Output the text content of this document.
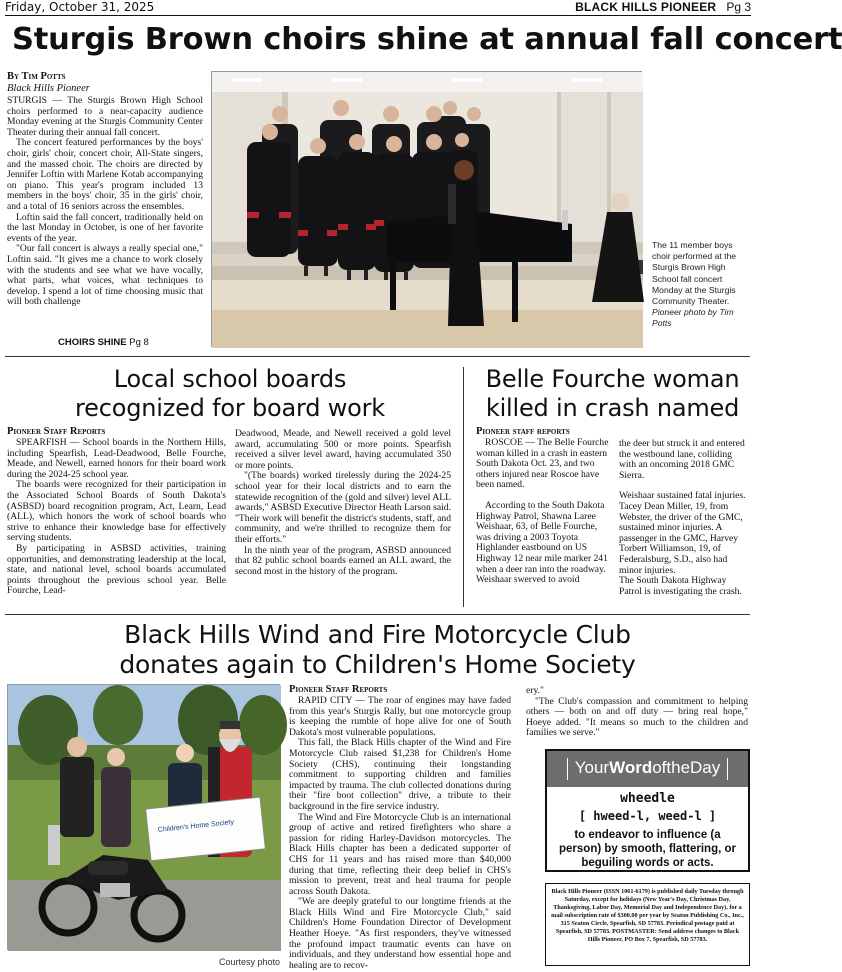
Friday, October 31, 2025	BLACK HILLS PIONEER Pg 3
Sturgis Brown choirs shine at annual fall concert
By Tim Potts
Black Hills Pioneer

STURGIS — The Sturgis Brown High School choirs performed to a near-capacity audience Monday evening at the Sturgis Community Center Theater during their annual fall concert.

The concert featured performances by the boys' choir, girls' choir, concert choir, All-State singers, and the massed choir. The choirs are directed by Jennifer Loftin with Marlene Kotab accompanying on piano. This year's program included 13 members in the boys' choir, 35 in the girls' choir, and a total of 16 seniors across the ensembles.

Loftin said the fall concert, traditionally held on the last Monday in October, is one of her favorite events of the year.

"Our fall concert is always a really special one," Loftin said. "It gives me a chance to work closely with the students and see what we have vocally, what parts, what voices, what techniques to develop. I spend a lot of time choosing music that will both challenge

CHOIRS SHINE Pg 8
The 11 member boys choir performed at the Sturgis Brown High School fall concert Monday at the Sturgis Community Theater. Pioneer photo by Tim Potts
Local school boards
recognized for board work
Pioneer Staff Reports

SPEARFISH — School boards in the Northern Hills, including Spearfish, Lead-Deadwood, Belle Fourche, Meade, and Newell, earned honors for their board work during the 2024-25 school year.

The boards were recognized for their participation in the Associated School Boards of South Dakota's (ASBSD) board recognition program, Act, Learn, Lead (ALL), which honors the work of school boards who strive to enhance their knowledge base for effectively serving students.

By participating in ASBSD activities, training opportunities, and demonstrating leadership at the local, state, and national level, school boards accumulated points throughout the previous school year. Belle Fourche, Lead-

Deadwood, Meade, and Newell received a gold level award, accumulating 500 or more points. Spearfish received a silver level award, having accumulated 350 or more points.

"(The boards) worked tirelessly during the 2024-25 school year for their local districts and to earn the statewide recognition of the (gold and silver) level ALL awards," ASBSD Executive Director Heath Larson said. "Their work will benefit the district's students, staff, and community, and we're thrilled to recognize them for their efforts."

In the ninth year of the program, ASBSD announced that 82 public school boards earned an ALL award, the second most in the history of the program.

Belle Fourche woman
killed in crash named
Pioneer staff reports

ROSCOE — The Belle Fourche woman killed in a crash in eastern South Dakota Oct. 23, and two others injured near Roscoe have been named.

According to the South Dakota Highway Patrol, Shawna Laree Weishaar, 63, of Belle Fourche, was driving a 2003 Toyota Highlander eastbound on US Highway 12 near mile marker 241 when a deer ran into the roadway. Weishaar swerved to avoid

the deer but struck it and entered the westbound lane, colliding with an oncoming 2018 GMC Sierra.

Weishaar sustained fatal injuries. Tacey Dean Miller, 19, from Webster, the driver of the GMC, sustained minor injuries. A passenger in the GMC, Harvey Torbert Williamson, 19, of Federalsburg, S.D., also had minor injuries.

The South Dakota Highway Patrol is investigating the crash.

Black Hills Wind and Fire Motorcycle Club
donates again to Children's Home Society
Children's Home Society
Courtesy photo
Pioneer Staff Reports

RAPID CITY — The roar of engines may have faded from this year's Sturgis Rally, but one motorcycle group is keeping the rumble of hope alive for one of South Dakota's most vulnerable populations.

This fall, the Black Hills chapter of the Wind and Fire Motorcycle Club raised $1,238 for Children's Home Society (CHS), continuing their longstanding commitment to supporting children and families impacted by trauma. The club collected donations during their "fire boot collection" drive, a tribute to their background in the fire service industry.

The Wind and Fire Motorcycle Club is an international group of active and retired firefighters who share a passion for riding Harley-Davidson motorcycles. The Black Hills chapter has been a dedicated supporter of CHS for 11 years and has raised more than $40,000 during that time, reflecting their deep belief in CHS's mission to prevent, treat and heal trauma for people across South Dakota.

"We are deeply grateful to our longtime friends at the Black Hills Wind and Fire Motorcycle Club," said Children's Home Foundation Director of Development Heather Hoeye. "As first responders, they've witnessed the profound impact traumatic events can have on individuals, and they understand how essential hope and healing are to recov-

ery."

"The Club's compassion and commitment to helping others — both on and off duty — bring real hope," Hoeye added. "It means so much to the children and families we serve."

YourWordoftheDay
wheedle
[ hweed-l, weed-l ]
to endeavor to influence (a person) by smooth, flattering, or beguiling words or acts.
Black Hills Pioneer (ISSN 1061-6179) is published daily Tuesday through Saturday, except for holidays (New Year's Day, Christmas Day, Thanksgiving, Labor Day, Memorial Day and Independence Day), for a mail subscription rate of $300.00 per year by Seaton Publishing Co., Inc., 315 Seaton Circle, Spearfish, SD 57783. Periodical postage paid at Spearfish, SD 57783. POSTMASTER: Send address changes to Black Hills Pioneer, PO Box 7, Spearfish, SD 57783.
